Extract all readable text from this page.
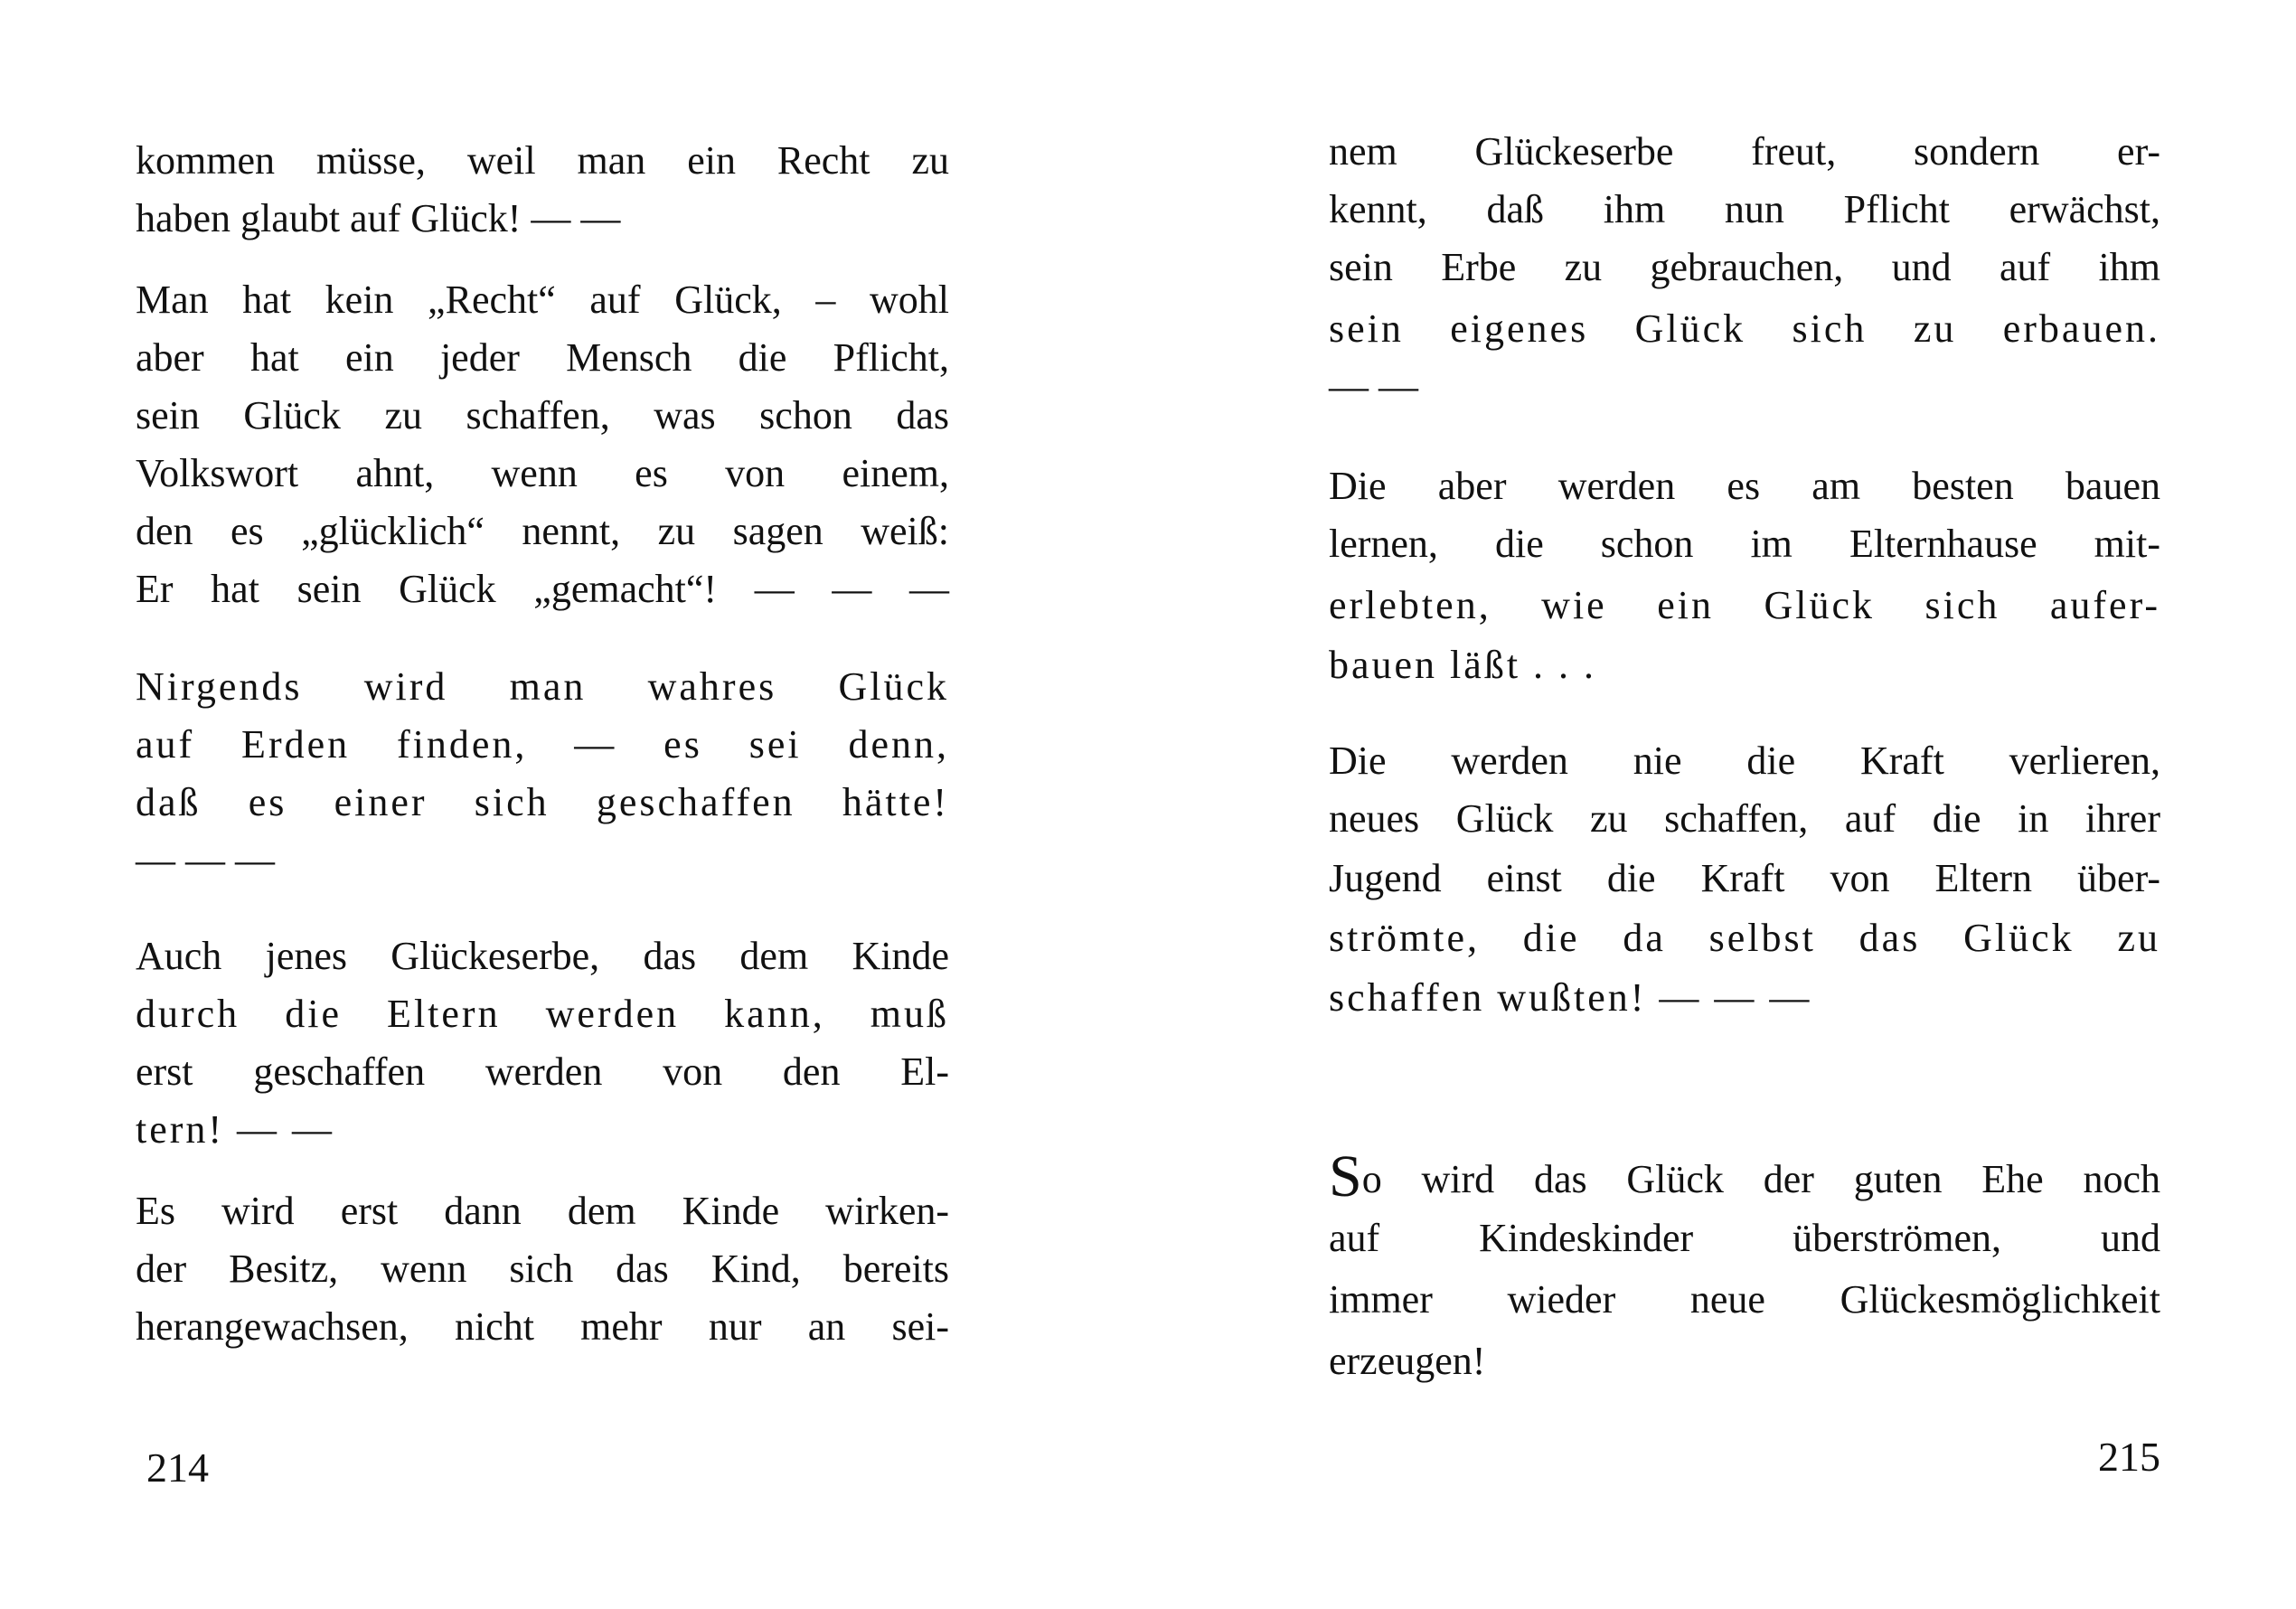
kommen müsse, weil man ein Recht zu
haben glaubt auf Glück! — —
Man hat kein „Recht“ auf Glück, – wohl
aber hat ein jeder Mensch die Pflicht,
sein Glück zu schaffen, was schon das
Volkswort ahnt, wenn es von einem,
den es „glücklich“ nennt, zu sagen weiß:
Er hat sein Glück „gemacht“! — — —
Nirgends wird man wahres Glück
auf Erden finden, — es sei denn,
daß es einer sich geschaffen hätte!
— — —
Auch jenes Glückeserbe, das dem Kinde
durch die Eltern werden kann, muß
erst geschaffen werden von den El-
tern! — —
Es wird erst dann dem Kinde wirken-
der Besitz, wenn sich das Kind, bereits
herangewachsen, nicht mehr nur an sei-
214
nem Glückeserbe freut, sondern er-
kennt, daß ihm nun Pflicht erwächst,
sein Erbe zu gebrauchen, und auf ihm
sein eigenes Glück sich zu erbauen.
— —
Die aber werden es am besten bauen
lernen, die schon im Elternhause mit-
erlebten, wie ein Glück sich aufer-
bauen läßt . . .
Die werden nie die Kraft verlieren,
neues Glück zu schaffen, auf die in ihrer
Jugend einst die Kraft von Eltern über-
strömte, die da selbst das Glück zu
schaffen wußten! — — —
So wird das Glück der guten Ehe noch
auf Kindeskinder überströmen, und
immer wieder neue Glückesmöglichkeit
erzeugen!
215
